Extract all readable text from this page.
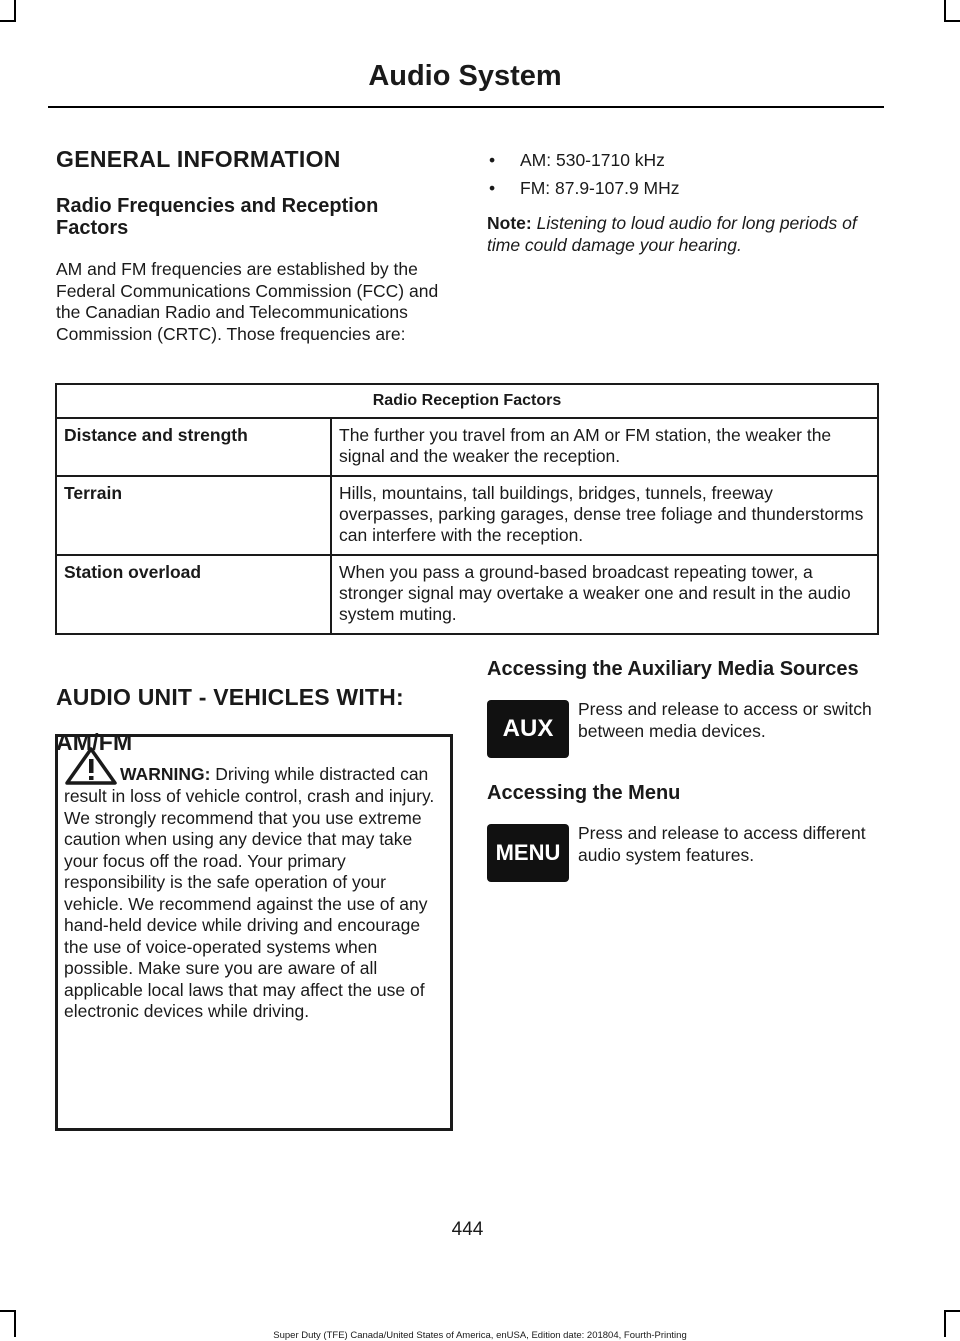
Audio System
GENERAL INFORMATION
Radio Frequencies and Reception Factors

AM and FM frequencies are established by the Federal Communications Commission (FCC) and the Canadian Radio and Telecommunications Commission (CRTC). Those frequencies are:

• AM: 530-1710 kHz
• FM: 87.9-107.9 MHz

Note: Listening to loud audio for long periods of time could damage your hearing.

Radio Reception Factors	
Distance and strength	The further you travel from an AM or FM station, the weaker the signal and the weaker the reception.
Terrain	Hills, mountains, tall buildings, bridges, tunnels, freeway overpasses, parking garages, dense tree foliage and thunderstorms can interfere with the reception.
Station overload	When you pass a ground-based broadcast repeating tower, a stronger signal may overtake a weaker one and result in the audio system muting.
AUDIO UNIT - VEHICLES WITH:
AM/FM

WARNING: Driving while distracted can result in loss of vehicle control, crash and injury. We strongly recommend that you use extreme caution when using any device that may take your focus off the road. Your primary responsibility is the safe operation of your vehicle. We recommend against the use of any hand-held device while driving and encourage the use of voice-operated systems when possible. Make sure you are aware of all applicable local laws that may affect the use of electronic devices while driving.

Accessing the Auxiliary Media Sources
AUX

Press and release to access or switch between media devices.

Accessing the Menu
MENU

Press and release to access different audio system features.

444
Super Duty (TFE) Canada/United States of America, enUSA, Edition date: 201804, Fourth-Printing
